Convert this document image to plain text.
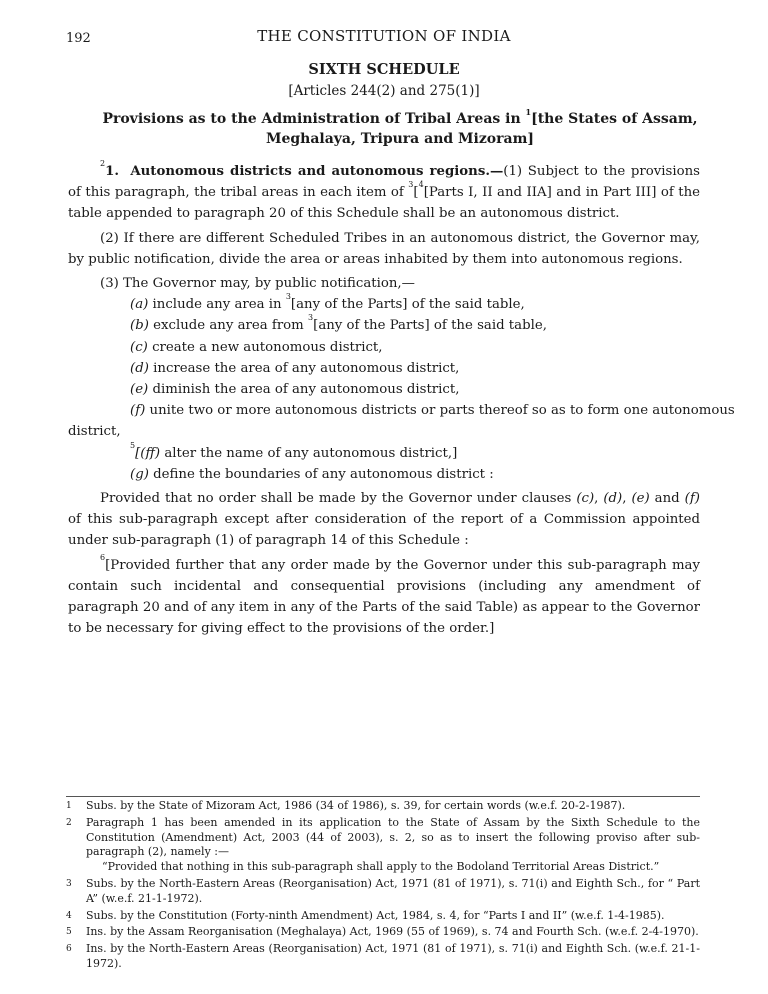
192	THE CONSTITUTION OF INDIA
SIXTH SCHEDULE
[Articles 244(2) and 275(1)]
Provisions as to the Administration of Tribal Areas in $^1$[the States of Assam, Meghalaya, Tripura and Mizoram]

$^2$1. Autonomous districts and autonomous regions.—(1) Subject to the provisions of this paragraph, the tribal areas in each item of $^3$[$^4$[Parts I, II and IIA] and in Part III] of the table appended to paragraph 20 of this Schedule shall be an autonomous district.

(2) If there are different Scheduled Tribes in an autonomous district, the Governor may, by public notification, divide the area or areas inhabited by them into autonomous regions.

(3) The Governor may, by public notification,—

(a) include any area in $^3$[any of the Parts] of the said table,

(b) exclude any area from $^3$[any of the Parts] of the said table,

(c) create a new autonomous district,

(d) increase the area of any autonomous district,

(e) diminish the area of any autonomous district,

(f) unite two or more autonomous districts or parts thereof so as to form one autonomous

district,

$^5$[(ff) alter the name of any autonomous district,]

(g) define the boundaries of any autonomous district :

Provided that no order shall be made by the Governor under clauses (c), (d), (e) and (f) of this sub-paragraph except after consideration of the report of a Commission appointed under sub-paragraph (1) of paragraph 14 of this Schedule :

$^6$[Provided further that any order made by the Governor under this sub-paragraph may contain such incidental and consequential provisions (including any amendment of paragraph 20 and of any item in any of the Parts of the said Table) as appear to the Governor to be necessary for giving effect to the provisions of the order.]

1 Subs. by the State of Mizoram Act, 1986 (34 of 1986), s. 39, for certain words (w.e.f. 20-2-1987).

2 Paragraph 1 has been amended in its application to the State of Assam by the Sixth Schedule to the Constitution (Amendment) Act, 2003 (44 of 2003), s. 2, so as to insert the following proviso after sub-paragraph (2), namely :—
“Provided that nothing in this sub-paragraph shall apply to the Bodoland Territorial Areas District.”

3 Subs. by the North-Eastern Areas (Reorganisation) Act, 1971 (81 of 1971), s. 71(i) and Eighth Sch., for “ Part A” (w.e.f. 21-1-1972).

4 Subs. by the Constitution (Forty-ninth Amendment) Act, 1984, s. 4, for “Parts I and II” (w.e.f. 1-4-1985).

5 Ins. by the Assam Reorganisation (Meghalaya) Act, 1969 (55 of 1969), s. 74 and Fourth Sch. (w.e.f. 2-4-1970).

6 Ins. by the North-Eastern Areas (Reorganisation) Act, 1971 (81 of 1971), s. 71(i) and Eighth Sch. (w.e.f. 21-1-1972).
